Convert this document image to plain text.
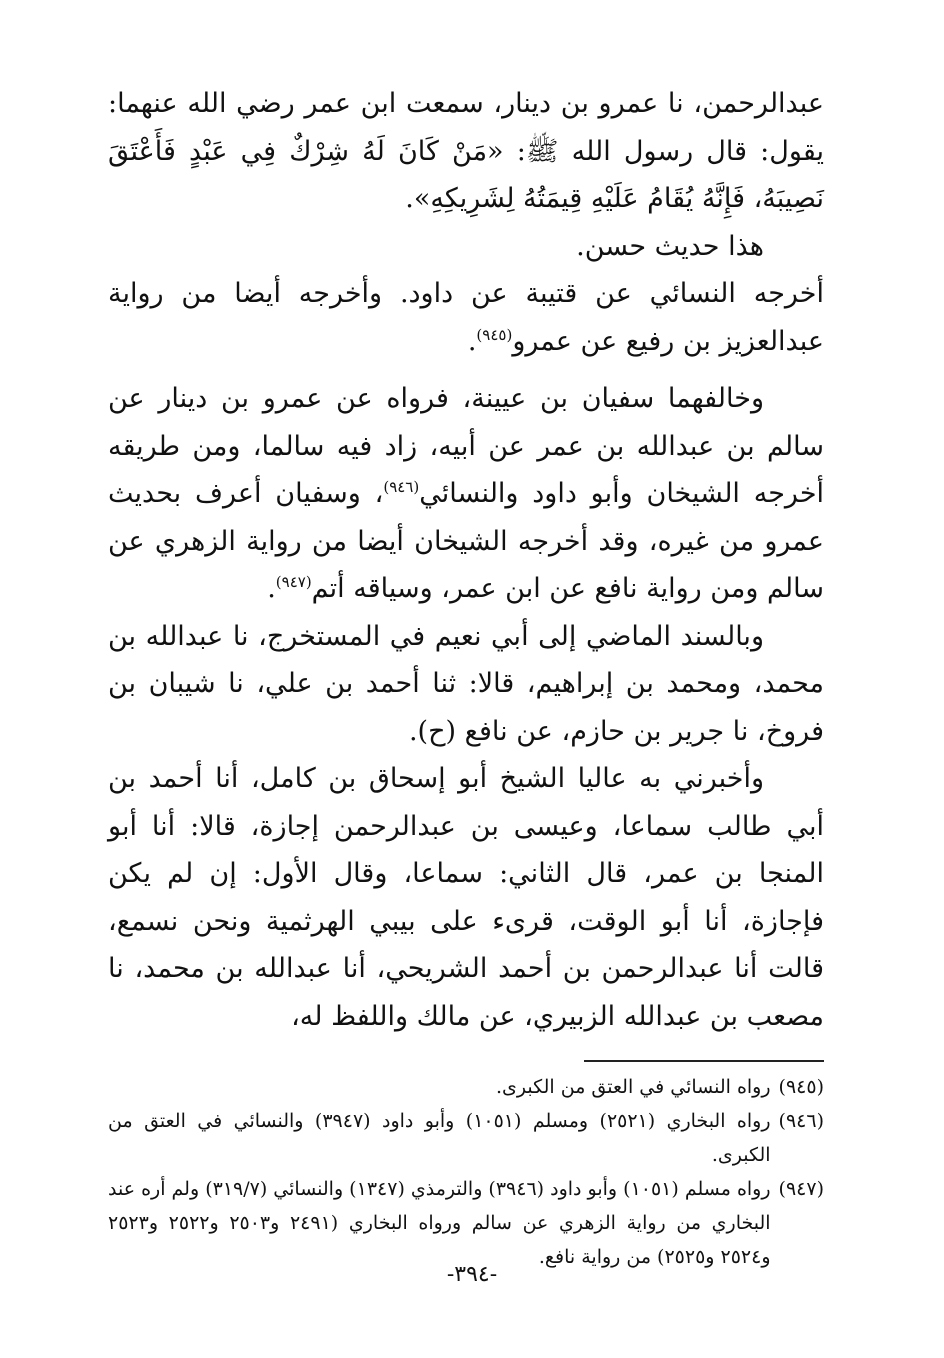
عبدالرحمن، نا عمرو بن دينار، سمعت ابن عمر رضي الله عنهما: يقول: قال رسول الله ﷺ: «مَنْ كَانَ لَهُ شِرْكٌ فِي عَبْدٍ فَأَعْتَقَ نَصِيبَهُ، فَإِنَّهُ يُقَامُ عَلَيْهِ قِيمَتُهُ لِشَرِيكِهِ».

هذا حديث حسن.

أخرجه النسائي عن قتيبة عن داود. وأخرجه أيضا من رواية عبدالعزيز بن رفيع عن عمرو$^{(٩٤٥)}$.

وخالفهما سفيان بن عيينة، فرواه عن عمرو بن دينار عن سالم بن عبدالله بن عمر عن أبيه، زاد فيه سالما، ومن طريقه أخرجه الشيخان وأبو داود والنسائي$^{(٩٤٦)}$، وسفيان أعرف بحديث عمرو من غيره، وقد أخرجه الشيخان أيضا من رواية الزهري عن سالم ومن رواية نافع عن ابن عمر، وسياقه أتم$^{(٩٤٧)}$.

وبالسند الماضي إلى أبي نعيم في المستخرج، نا عبدالله بن محمد، ومحمد بن إبراهيم، قالا: ثنا أحمد بن علي، نا شيبان بن فروخ، نا جرير بن حازم، عن نافع (ح).

وأخبرني به عاليا الشيخ أبو إسحاق بن كامل، أنا أحمد بن أبي طالب سماعا، وعيسى بن عبدالرحمن إجازة، قالا: أنا أبو المنجا بن عمر، قال الثاني: سماعا، وقال الأول: إن لم يكن فإجازة، أنا أبو الوقت، قرىء على بيبي الهرثمية ونحن نسمع، قالت أنا عبدالرحمن بن أحمد الشريحي، أنا عبدالله بن محمد، نا مصعب بن عبدالله الزبيري، عن مالك واللفظ له،

(٩٤٥)
رواه النسائي في العتق من الكبرى.
(٩٤٦)
رواه البخاري (٢٥٢١) ومسلم (١٠٥١) وأبو داود (٣٩٤٧) والنسائي في العتق من الكبرى.
(٩٤٧)
رواه مسلم (١٠٥١) وأبو داود (٣٩٤٦) والترمذي (١٣٤٧) والنسائي (٣١٩/٧) ولم أره عند البخاري من رواية الزهري عن سالم ورواه البخاري (٢٤٩١ و٢٥٠٣ و٢٥٢٢ و٢٥٢٣ و٢٥٢٤ و٢٥٢٥) من رواية نافع.
-٣٩٤-
